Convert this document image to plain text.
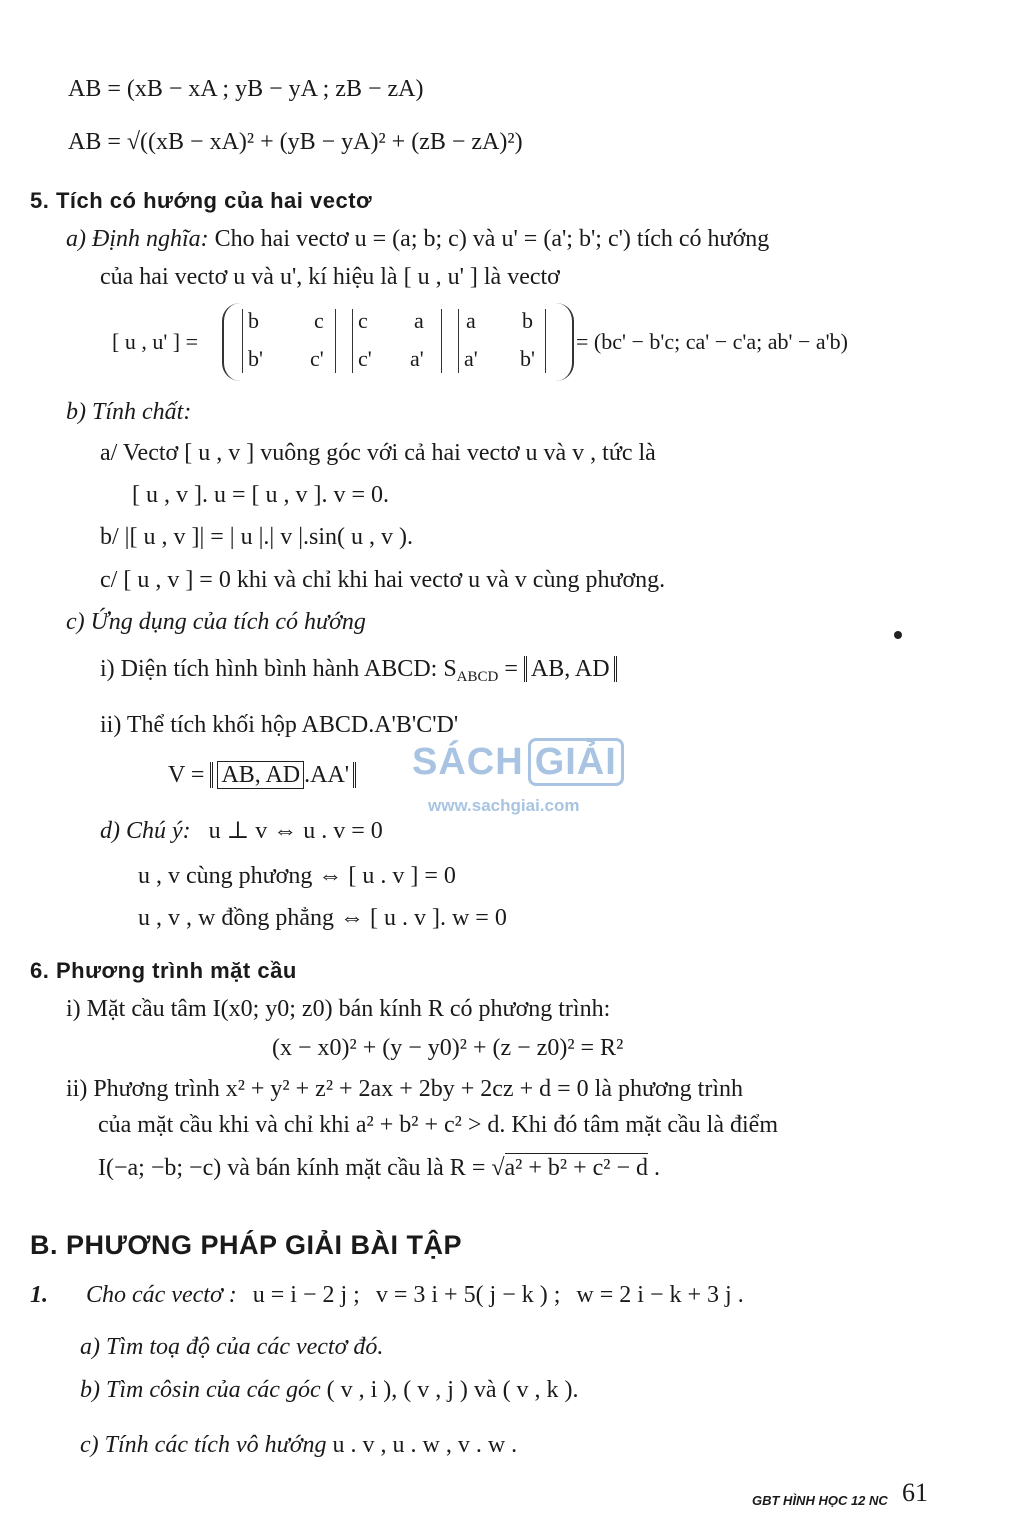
AB = (xB − xA ; yB − yA ; zB − zA)
AB = √((xB − xA)² + (yB − yA)² + (zB − zA)²)
5. Tích có hướng của hai vectơ
a) Định nghĩa: Cho hai vectơ u = (a; b; c) và u' = (a'; b'; c') tích có hướng
của hai vectơ u và u', kí hiệu là [ u , u' ] là vectơ
[ u , u' ] =
b	c c a a b
b' c' c' a' a' b'
= (bc' − b'c; ca' − c'a; ab' − a'b)
b) Tính chất:
a/ Vectơ [ u , v ] vuông góc với cả hai vectơ u và v , tức là
[ u , v ]. u = [ u , v ]. v = 0.
b/ |[ u , v ]| = | u |.| v |.sin( u , v ).
c/ [ u , v ] = 0 khi và chỉ khi hai vectơ u và v cùng phương.
c) Ứng dụng của tích có hướng
i) Diện tích hình bình hành ABCD: $S_{ABCD}$ = AB, AD
ii) Thể tích khối hộp ABCD.A'B'C'D'
V = AB, AD .AA'
d) Chú ý: u ⊥ v ⇔ u . v = 0
u , v cùng phương ⇔ [ u . v ] = 0
u , v , w đồng phẳng ⇔ [ u . v ]. w = 0
6. Phương trình mặt cầu
i) Mặt cầu tâm I(x0; y0; z0) bán kính R có phương trình:
(x − x0)² + (y − y0)² + (z − z0)² = R²
ii) Phương trình x² + y² + z² + 2ax + 2by + 2cz + d = 0 là phương trình
của mặt cầu khi và chỉ khi a² + b² + c² > d. Khi đó tâm mặt cầu là điểm
I(−a; −b; −c) và bán kính mặt cầu là R = √a² + b² + c² − d .
B. PHƯƠNG PHÁP GIẢI BÀI TẬP
1. Cho các vectơ : u = i − 2 j ; v = 3 i + 5( j − k ) ; w = 2 i − k + 3 j .
a) Tìm toạ độ của các vectơ đó.
b) Tìm côsin của các góc ( v , i ), ( v , j ) và ( v , k ).
c) Tính các tích vô hướng u . v , u . w , v . w .
SÁCH GIẢI
www.sachgiai.com
GBT HÌNH HỌC 12 NC 61
